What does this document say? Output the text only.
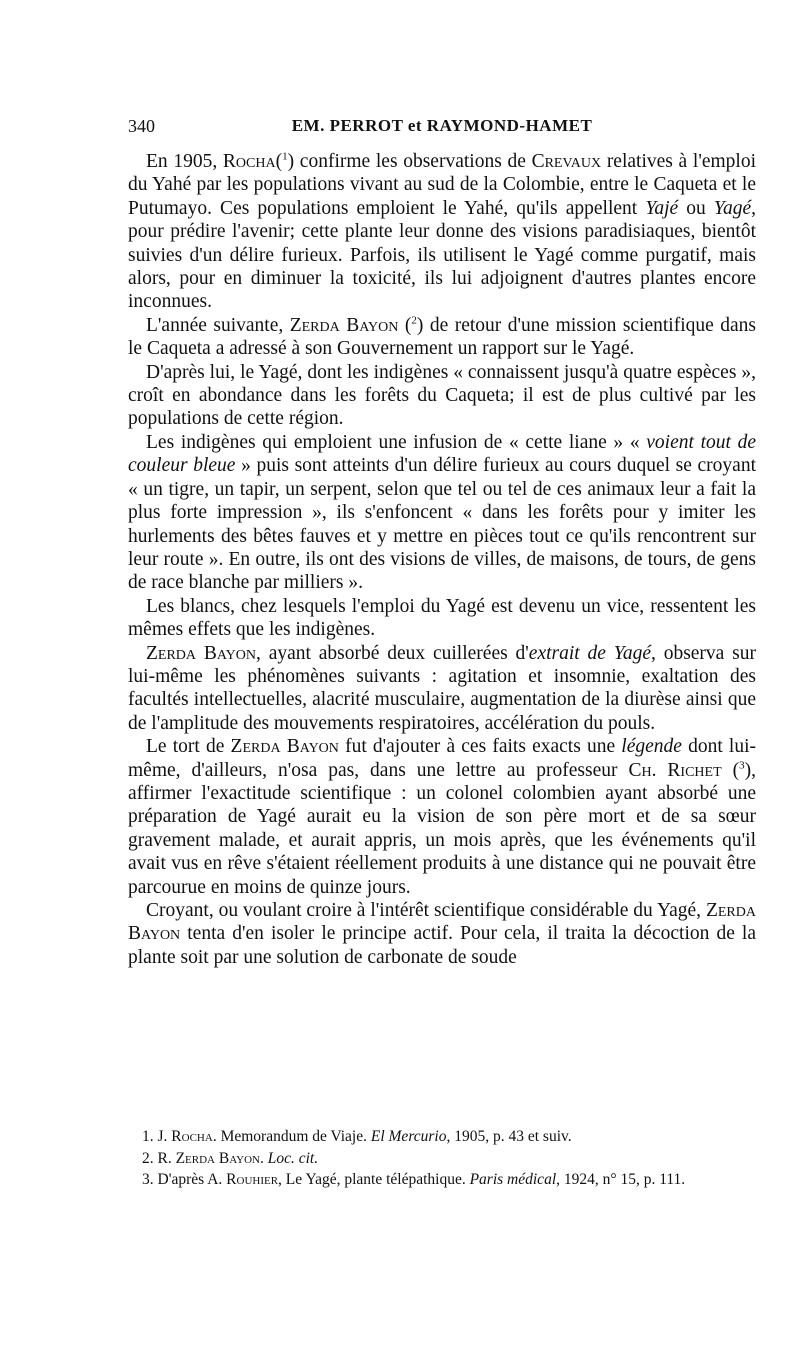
340	EM. PERROT et RAYMOND-HAMET

En 1905, Rocha($^1$) confirme les observations de Crevaux relatives à l'emploi du Yahé par les populations vivant au sud de la Colombie, entre le Caqueta et le Putumayo. Ces populations emploient le Yahé, qu'ils appellent Yajé ou Yagé, pour prédire l'avenir; cette plante leur donne des visions paradisiaques, bientôt suivies d'un délire furieux. Parfois, ils utilisent le Yagé comme purgatif, mais alors, pour en diminuer la toxicité, ils lui adjoignent d'autres plantes encore inconnues.

L'année suivante, Zerda Bayon ($^2$) de retour d'une mission scientifique dans le Caqueta a adressé à son Gouvernement un rapport sur le Yagé.

D'après lui, le Yagé, dont les indigènes « connaissent jusqu'à quatre espèces », croît en abondance dans les forêts du Caqueta; il est de plus cultivé par les populations de cette région.

Les indigènes qui emploient une infusion de « cette liane » « voient tout de couleur bleue » puis sont atteints d'un délire furieux au cours duquel se croyant « un tigre, un tapir, un serpent, selon que tel ou tel de ces animaux leur a fait la plus forte impression », ils s'enfoncent « dans les forêts pour y imiter les hurlements des bêtes fauves et y mettre en pièces tout ce qu'ils rencontrent sur leur route ». En outre, ils ont des visions de villes, de maisons, de tours, de gens de race blanche par milliers ».

Les blancs, chez lesquels l'emploi du Yagé est devenu un vice, ressentent les mêmes effets que les indigènes.

Zerda Bayon, ayant absorbé deux cuillerées d'extrait de Yagé, observa sur lui-même les phénomènes suivants : agitation et insomnie, exaltation des facultés intellectuelles, alacrité musculaire, augmentation de la diurèse ainsi que de l'amplitude des mouvements respiratoires, accélération du pouls.

Le tort de Zerda Bayon fut d'ajouter à ces faits exacts une légende dont lui-même, d'ailleurs, n'osa pas, dans une lettre au professeur Ch. Richet ($^3$), affirmer l'exactitude scientifique : un colonel colombien ayant absorbé une préparation de Yagé aurait eu la vision de son père mort et de sa sœur gravement malade, et aurait appris, un mois après, que les événements qu'il avait vus en rêve s'étaient réellement produits à une distance qui ne pouvait être parcourue en moins de quinze jours.

Croyant, ou voulant croire à l'intérêt scientifique considérable du Yagé, Zerda Bayon tenta d'en isoler le principe actif. Pour cela, il traita la décoction de la plante soit par une solution de carbonate de soude

1. J. Rocha. Memorandum de Viaje. El Mercurio, 1905, p. 43 et suiv.

2. R. Zerda Bayon. Loc. cit.

3. D'après A. Rouhier, Le Yagé, plante télépathique. Paris médical, 1924, n° 15, p. 111.
